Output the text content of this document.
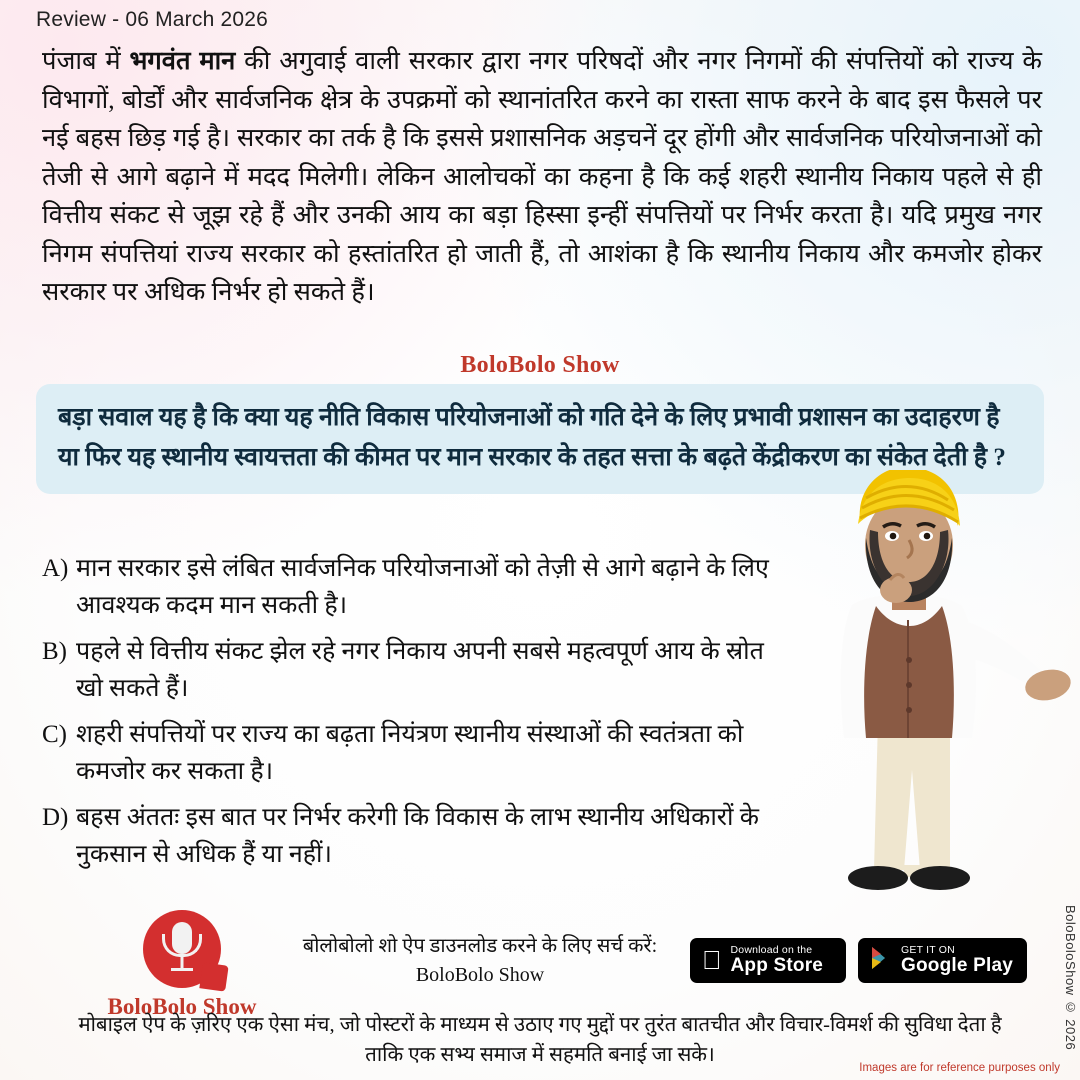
Review - 06 March 2026
पंजाब में भगवंत मान की अगुवाई वाली सरकार द्वारा नगर परिषदों और नगर निगमों की संपत्तियों को राज्य के विभागों, बोर्डों और सार्वजनिक क्षेत्र के उपक्रमों को स्थानांतरित करने का रास्ता साफ करने के बाद इस फैसले पर नई बहस छिड़ गई है। सरकार का तर्क है कि इससे प्रशासनिक अड़चनें दूर होंगी और सार्वजनिक परियोजनाओं को तेजी से आगे बढ़ाने में मदद मिलेगी। लेकिन आलोचकों का कहना है कि कई शहरी स्थानीय निकाय पहले से ही वित्तीय संकट से जूझ रहे हैं और उनकी आय का बड़ा हिस्सा इन्हीं संपत्तियों पर निर्भर करता है। यदि प्रमुख नगर निगम संपत्तियां राज्य सरकार को हस्तांतरित हो जाती हैं, तो आशंका है कि स्थानीय निकाय और कमजोर होकर सरकार पर अधिक निर्भर हो सकते हैं।
BoloBolo Show

बड़ा सवाल यह है कि क्या यह नीति विकास परियोजनाओं को गति देने के लिए प्रभावी प्रशासन का उदाहरण है या फिर यह स्थानीय स्वायत्तता की कीमत पर मान सरकार के तहत सत्ता के बढ़ते केंद्रीकरण का संकेत देती है ?

A) मान सरकार इसे लंबित सार्वजनिक परियोजनाओं को तेज़ी से आगे बढ़ाने के लिए आवश्यक कदम मान सकती है।
B) पहले से वित्तीय संकट झेल रहे नगर निकाय अपनी सबसे महत्वपूर्ण आय के स्रोत खो सकते हैं।
C) शहरी संपत्तियों पर राज्य का बढ़ता नियंत्रण स्थानीय संस्थाओं की स्वतंत्रता को कमजोर कर सकता है।
D) बहस अंततः इस बात पर निर्भर करेगी कि विकास के लाभ स्थानीय अधिकारों के नुकसान से अधिक हैं या नहीं।
BoloBolo Show
बोलोबोलो शो ऐप डाउनलोड करने के लिए सर्च करें:
BoloBolo Show
Download on the
App Store
GET IT ON
Google Play
मोबाइल ऐप के ज़रिए एक ऐसा मंच, जो पोस्टरों के माध्यम से उठाए गए मुद्दों पर तुरंत बातचीत और विचार-विमर्श की सुविधा देता है
ताकि एक सभ्य समाज में सहमति बनाई जा सके।
Images are for reference purposes only
BoloBoloShow © 2026
